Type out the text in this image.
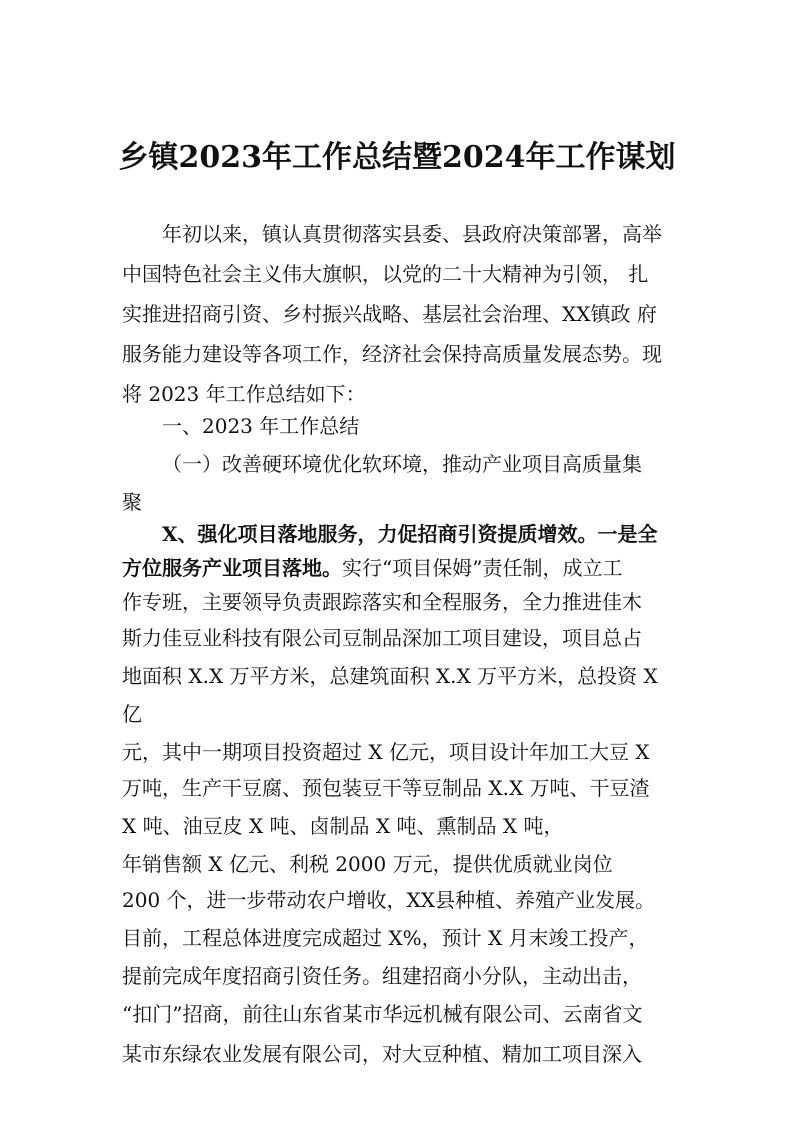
乡镇2023年工作总结暨2024年工作谋划
年初以来，镇认真贯彻落实县委、县政府决策部署，高举
中国特色社会主义伟大旗帜，以党的二十大精神为引领， 扎
实推进招商引资、乡村振兴战略、基层社会治理、XX镇政 府
服务能力建设等各项工作，经济社会保持高质量发展态势。现
将 2023 年工作总结如下：
一、2023 年工作总结
（一）改善硬环境优化软环境，推动产业项目高质量集
聚
X、强化项目落地服务，力促招商引资提质增效。一是全
方位服务产业项目落地。实行“项目保姆”责任制，成立工
作专班，主要领导负责跟踪落实和全程服务，全力推进佳木
斯力佳豆业科技有限公司豆制品深加工项目建设，项目总占
地面积 X.X 万平方米，总建筑面积 X.X 万平方米，总投资 X
亿
元，其中一期项目投资超过 X 亿元，项目设计年加工大豆 X
万吨，生产干豆腐、预包装豆干等豆制品 X.X 万吨、干豆渣
X 吨、油豆皮 X 吨、卤制品 X 吨、熏制品 X 吨，
年销售额 X 亿元、利税 2000 万元，提供优质就业岗位
200 个，进一步带动农户增收，XX县种植、养殖产业发展。
目前，工程总体进度完成超过 X%，预计 X 月末竣工投产，
提前完成年度招商引资任务。组建招商小分队，主动出击，
“扣门”招商，前往山东省某市华远机械有限公司、云南省文
某市东绿农业发展有限公司，对大豆种植、精加工项目深入
